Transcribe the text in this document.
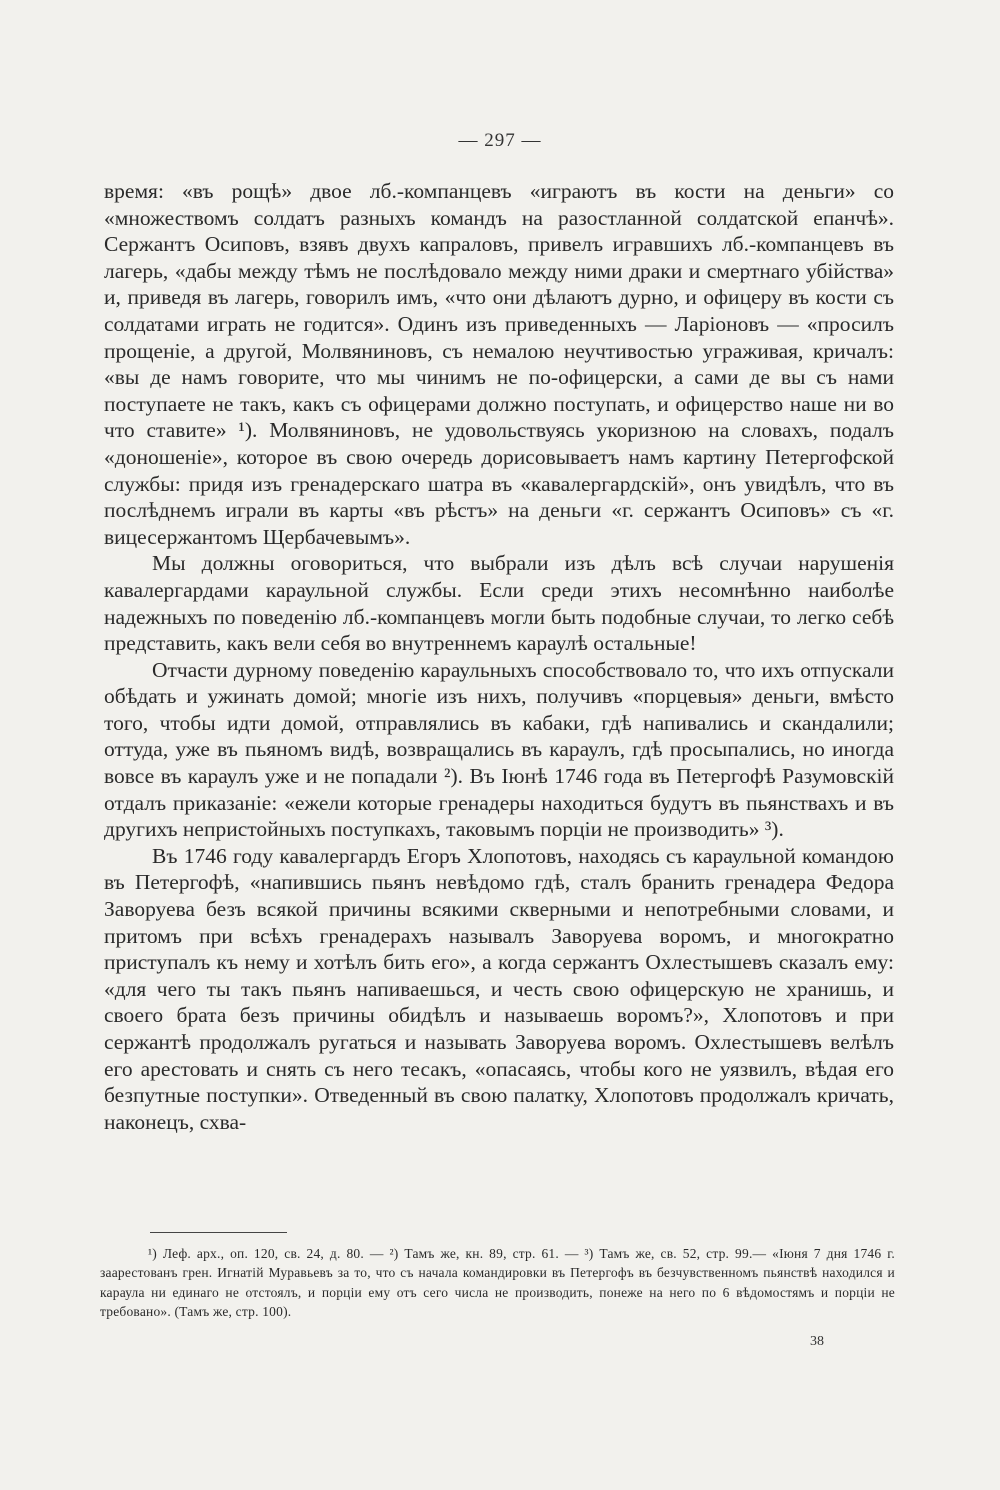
— 297 —

время: «въ рощѣ» двое лб.-компанцевъ «играютъ въ кости на деньги» со «множествомъ солдатъ разныхъ командъ на разостланной солдатской епанчѣ». Сержантъ Осиповъ, взявъ двухъ капраловъ, привелъ игравшихъ лб.-компанцевъ въ лагерь, «дабы между тѣмъ не послѣдовало между ними драки и смертнаго убійства» и, приведя въ лагерь, говорилъ имъ, «что они дѣлаютъ дурно, и офицеру въ кости съ солдатами играть не годится». Одинъ изъ приведенныхъ — Ларіоновъ — «просилъ прощеніе, а другой, Молвяниновъ, съ немалою неучтивостью уграживая, кричалъ: «вы де намъ говорите, что мы чинимъ не по-офицерски, а сами де вы съ нами поступаете не такъ, какъ съ офицерами должно поступать, и офицерство наше ни во что ставите» ¹). Молвяниновъ, не удовольствуясь укоризною на словахъ, подалъ «доношеніе», которое въ свою очередь дорисовываетъ намъ картину Петергофской службы: придя изъ гренадерскаго шатра въ «кавалергардскій», онъ увидѣлъ, что въ послѣднемъ играли въ карты «въ рѣстъ» на деньги «г. сержантъ Осиповъ» съ «г. вицесержантомъ Щербачевымъ».

Мы должны оговориться, что выбрали изъ дѣлъ всѣ случаи нарушенія кавалергардами караульной службы. Если среди этихъ несомнѣнно наиболѣе надежныхъ по поведенію лб.-компанцевъ могли быть подобные случаи, то легко себѣ представить, какъ вели себя во внутреннемъ караулѣ остальные!

Отчасти дурному поведенію караульныхъ способствовало то, что ихъ отпускали обѣдать и ужинать домой; многіе изъ нихъ, получивъ «порцевыя» деньги, вмѣсто того, чтобы идти домой, отправлялись въ кабаки, гдѣ напивались и скандалили; оттуда, уже въ пьяномъ видѣ, возвращались въ караулъ, гдѣ просыпались, но иногда вовсе въ караулъ уже и не попадали ²). Въ Іюнѣ 1746 года въ Петергофѣ Разумовскій отдалъ приказаніе: «ежели которые гренадеры находиться будутъ въ пьянствахъ и въ другихъ непристойныхъ поступкахъ, таковымъ порціи не производить» ³).

Въ 1746 году кавалергардъ Егоръ Хлопотовъ, находясь съ караульной командою въ Петергофѣ, «напившись пьянъ невѣдомо гдѣ, сталъ бранить гренадера Федора Заворуева безъ всякой причины всякими скверными и непотребными словами, и притомъ при всѣхъ гренадерахъ называлъ Заворуева воромъ, и многократно приступалъ къ нему и хотѣлъ бить его», а когда сержантъ Охлестышевъ сказалъ ему: «для чего ты такъ пьянъ напиваешься, и честь свою офицерскую не хранишь, и своего брата безъ причины обидѣлъ и называешь воромъ?», Хлопотовъ и при сержантѣ продолжалъ ругаться и называть Заворуева воромъ. Охлестышевъ велѣлъ его арестовать и снять съ него тесакъ, «опасаясь, чтобы кого не уязвилъ, вѣдая его безпутные поступки». Отведенный въ свою палатку, Хлопотовъ продолжалъ кричать, наконецъ, схва-

¹) Леф. арх., оп. 120, св. 24, д. 80. — ²) Тамъ же, кн. 89, стр. 61. — ³) Тамъ же, св. 52, стр. 99.— «Іюня 7 дня 1746 г. заарестованъ грен. Игнатій Муравьевъ за то, что съ начала командировки въ Петергофъ въ безчувственномъ пьянствѣ находился и караула ни единаго не отстоялъ, и порціи ему отъ сего числа не производить, понеже на него по 6 вѣдомостямъ и порціи не требовано». (Тамъ же, стр. 100).

38
